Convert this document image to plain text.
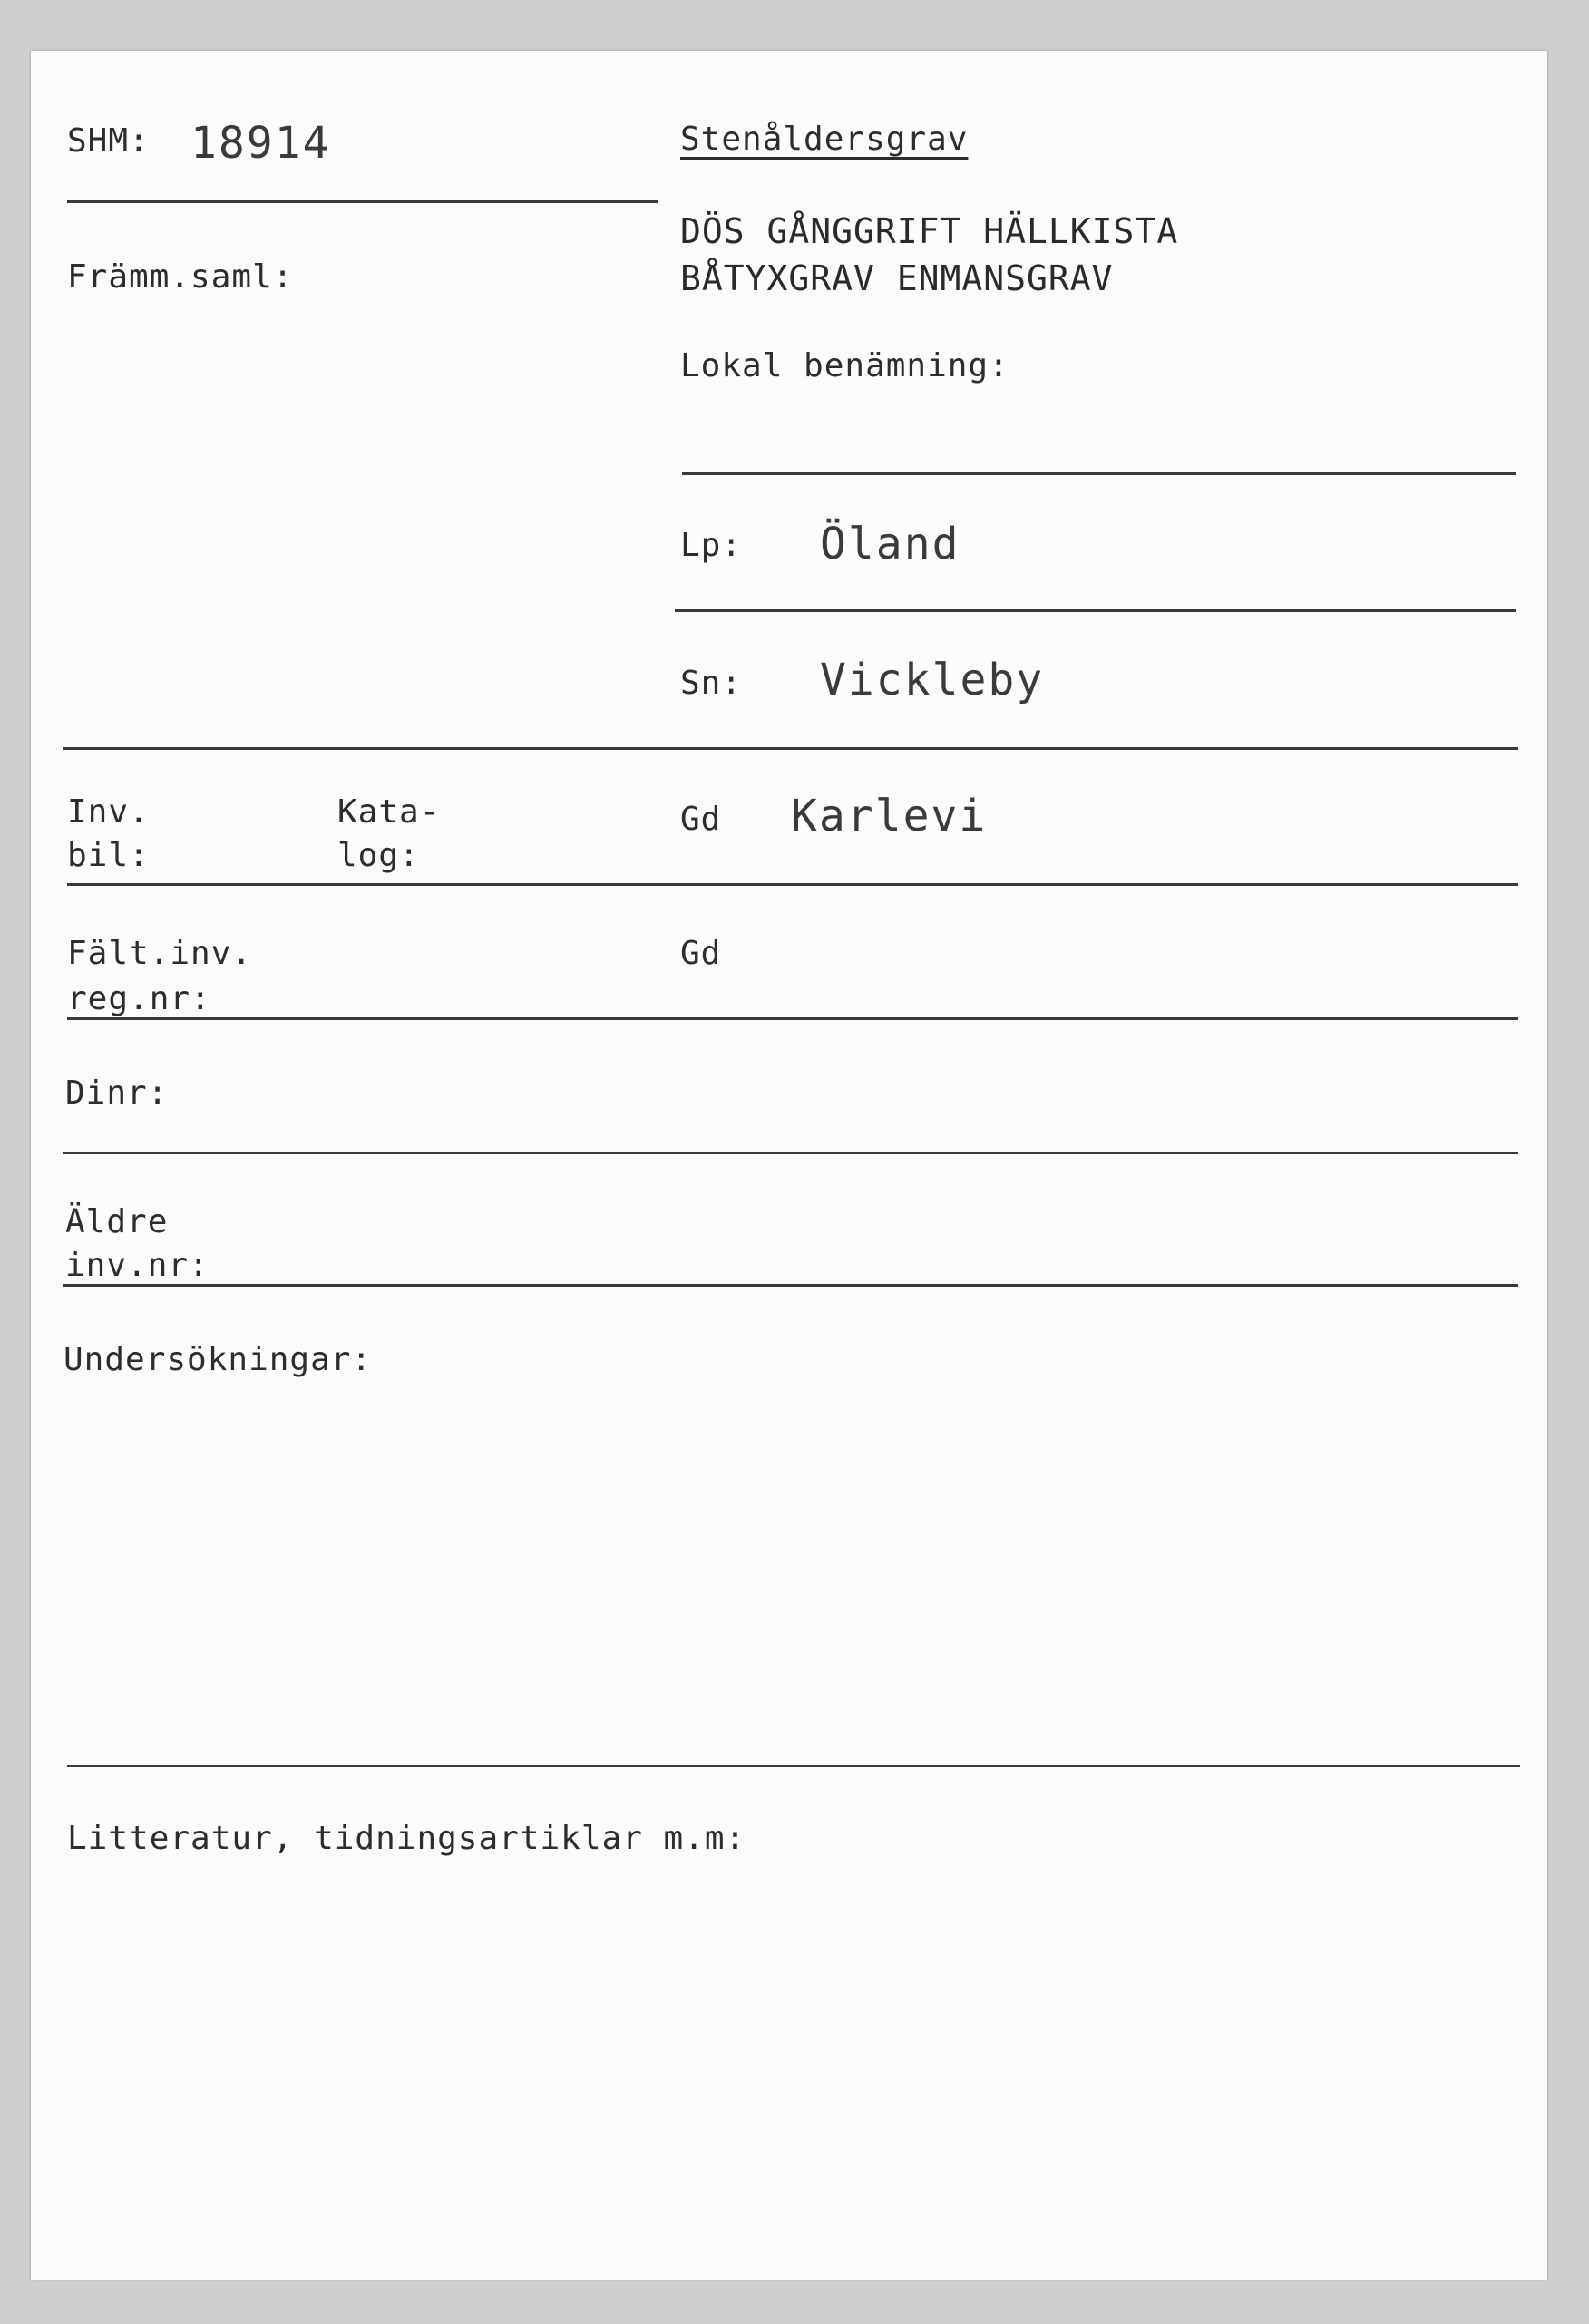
SHM: 18914	Stenåldersgrav
DÖS GÅNGGRIFT HÄLLKISTA
BÅTYXGRAV ENMANSGRAV
Främm.saml:
Lokal benämning:
Lp: Öland
Sn: Vickleby
Inv.
bil:
Kata-
log:
Gd Karlevi
Fält.inv.
reg.nr:
Gd
Dinr:
Äldre
inv.nr:
Undersökningar:
Litteratur, tidningsartiklar m.m:
